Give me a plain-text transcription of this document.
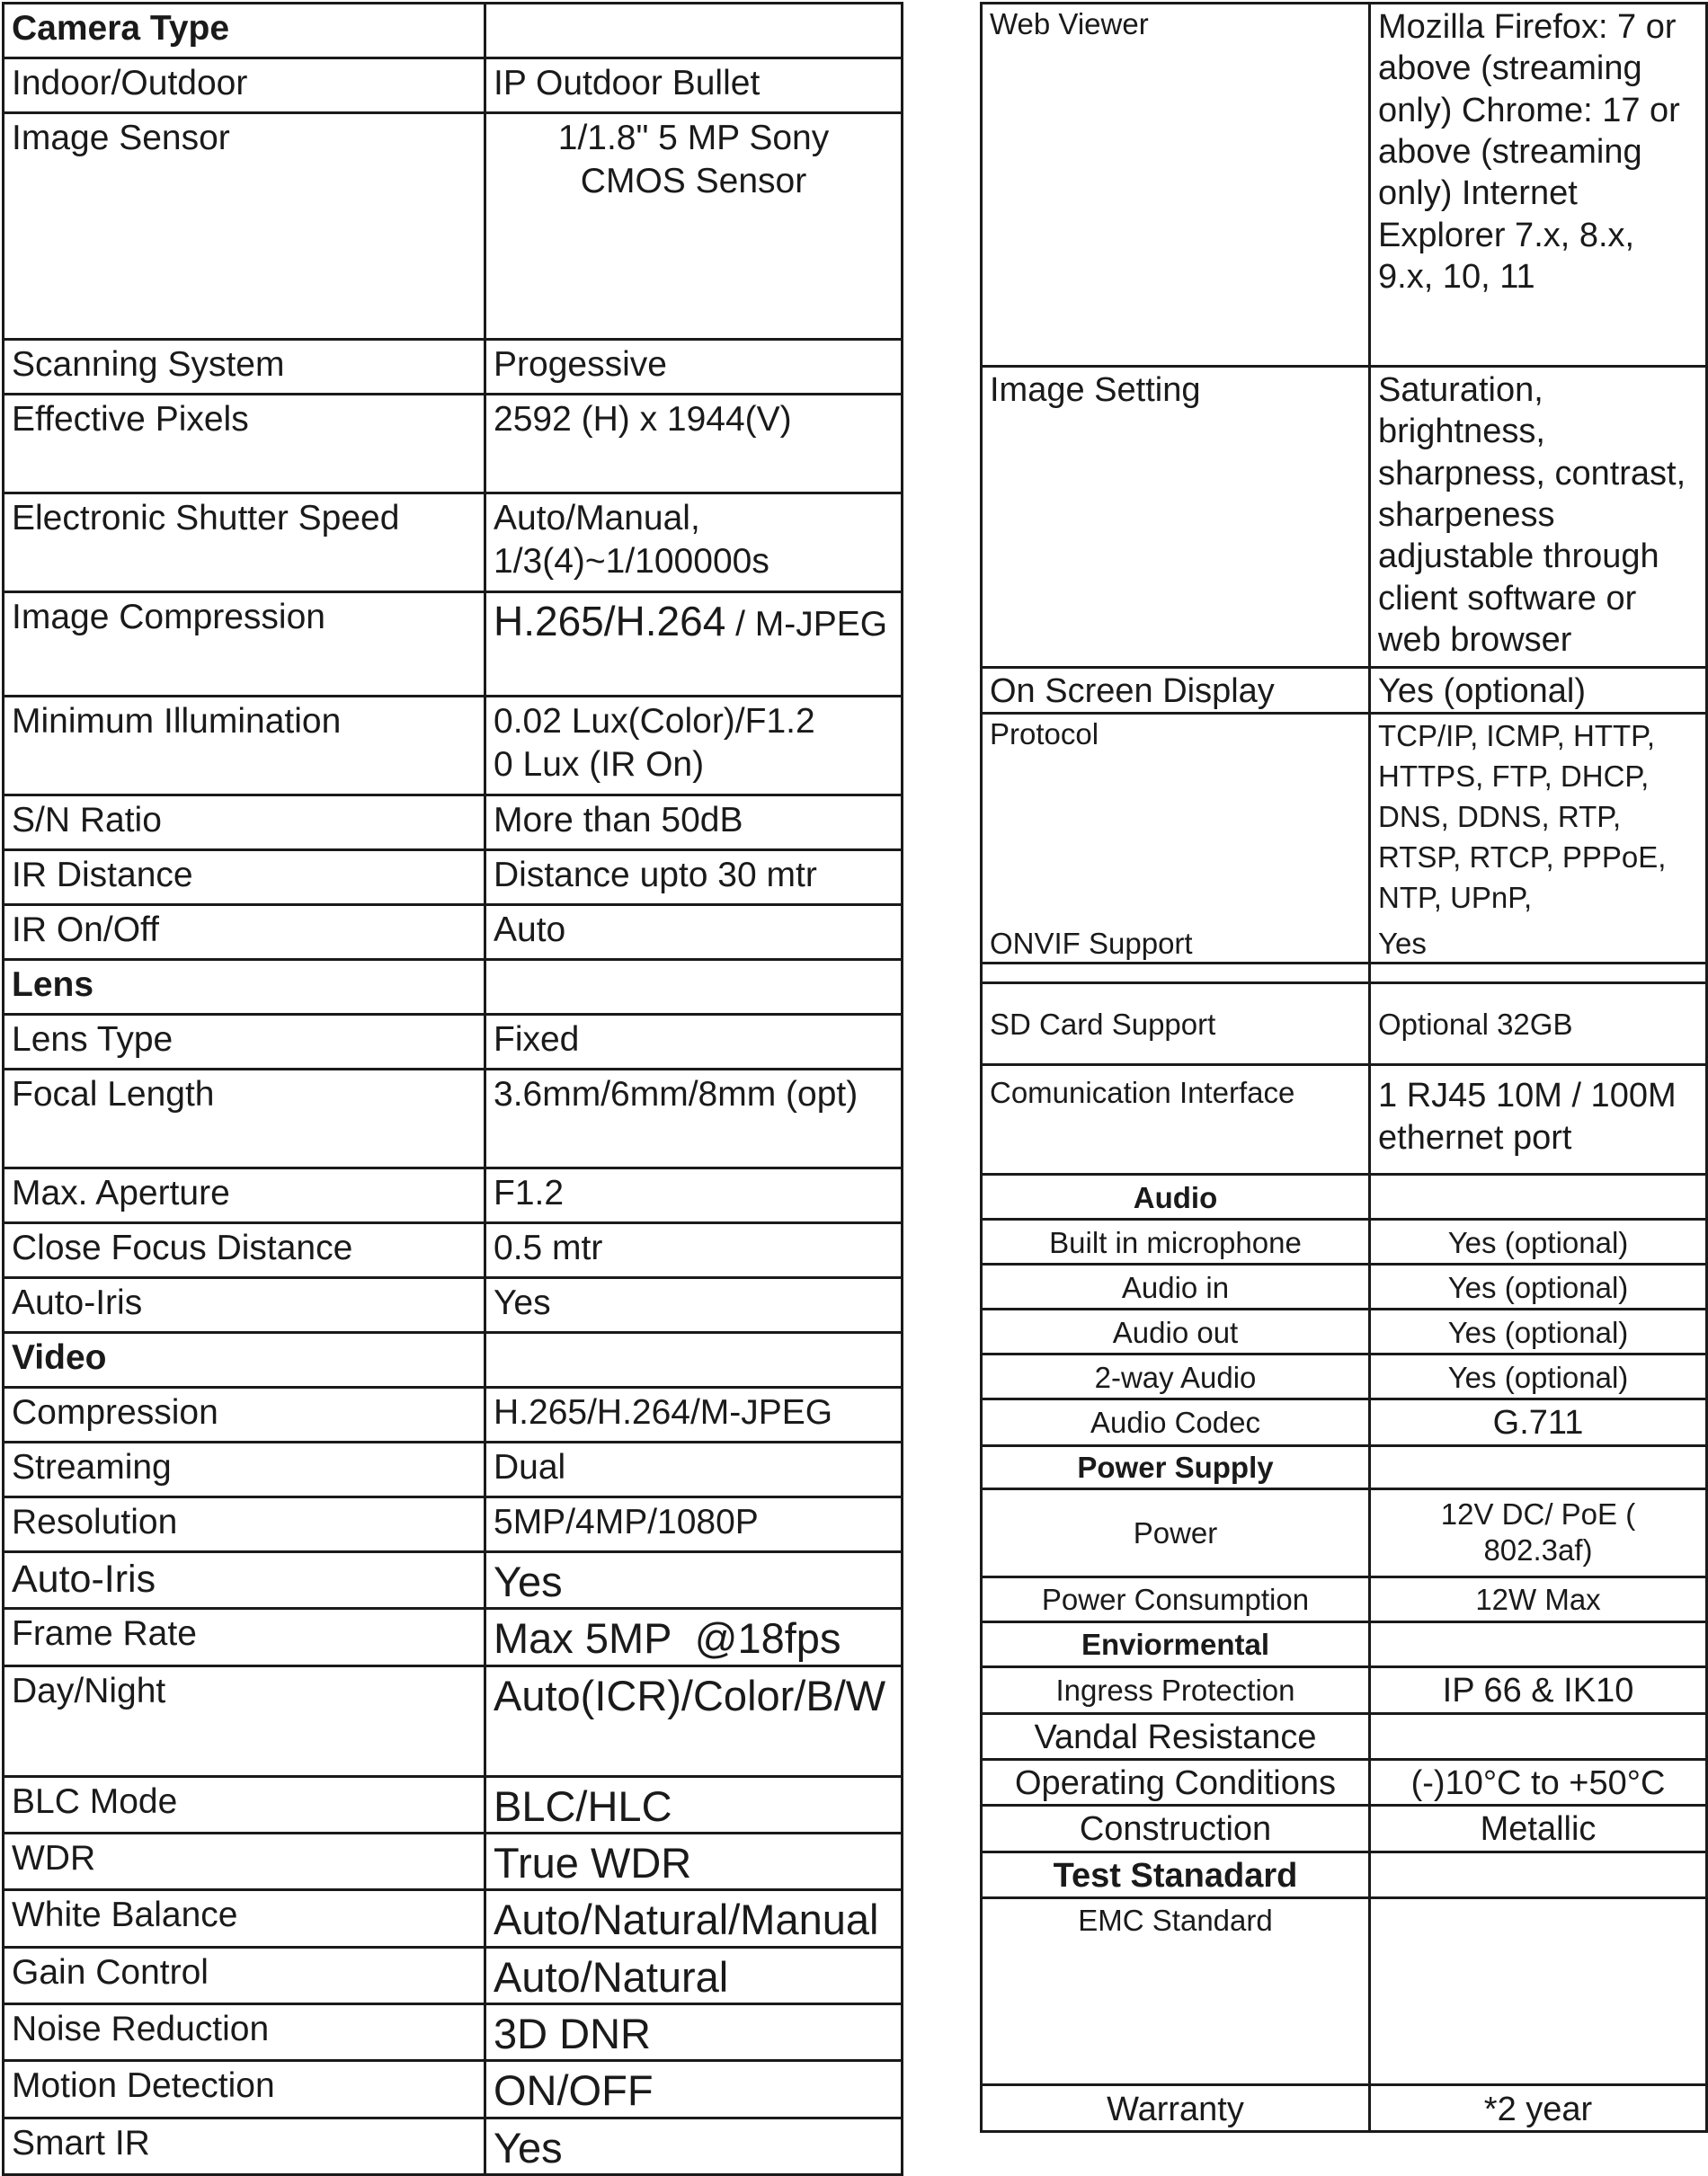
Camera Type	
Indoor/Outdoor	IP Outdoor Bullet
Image Sensor	1/1.8" 5 MP Sony CMOS Sensor
Scanning System	Progessive
Effective Pixels	2592 (H) x 1944(V)
Electronic Shutter Speed	Auto/Manual, 1/3(4)~1/100000s
Image Compression	H.265/H.264 / M-JPEG
Minimum Illumination	0.02 Lux(Color)/F1.2
0 Lux (IR On)

S/N Ratio	More than 50dB
IR Distance	Distance upto 30 mtr
IR On/Off	Auto
Lens	
Lens Type	Fixed
Focal Length	3.6mm/6mm/8mm (opt)
Max. Aperture	F1.2
Close Focus Distance	0.5 mtr
Auto-Iris	Yes
Video	
Compression	H.265/H.264/M-JPEG
Streaming	Dual
Resolution	5MP/4MP/1080P
Auto-Iris	Yes
Frame Rate	Max 5MP  @18fps
Day/Night	Auto(ICR)/Color/B/W
BLC Mode	BLC/HLC
WDR	True WDR
White Balance	Auto/Natural/Manual
Gain Control	Auto/Natural
Noise Reduction	3D DNR
Motion Detection	ON/OFF
Smart IR	Yes
Web Viewer	Mozilla Firefox: 7 or above (streaming only) Chrome: 17 or above (streaming only) Internet Explorer 7.x, 8.x, 9.x, 10, 11
Image Setting	Saturation, brightness, sharpness, contrast, sharpeness adjustable through client software or web browser
On Screen Display	Yes (optional)
Protocol	TCP/IP, ICMP, HTTP, HTTPS, FTP, DHCP, DNS, DDNS, RTP, RTSP, RTCP, PPPoE, NTP, UPnP,
ONVIF Support	Yes

SD Card Support	Optional 32GB
Comunication Interface	1 RJ45 10M / 100M ethernet port
Audio	
Built in microphone	Yes (optional)
Audio in	Yes (optional)
Audio out	Yes (optional)
2-way Audio	Yes (optional)
Audio Codec	G.711
Power Supply	
Power	12V DC/ PoE ( 802.3af)
Power Consumption	12W Max
Enviormental	
Ingress Protection	IP 66 & IK10
Vandal Resistance	
Operating Conditions	(-)10°C to +50°C
Construction	Metallic
Test Stanadard	
EMC Standard	
Warranty	*2 year
